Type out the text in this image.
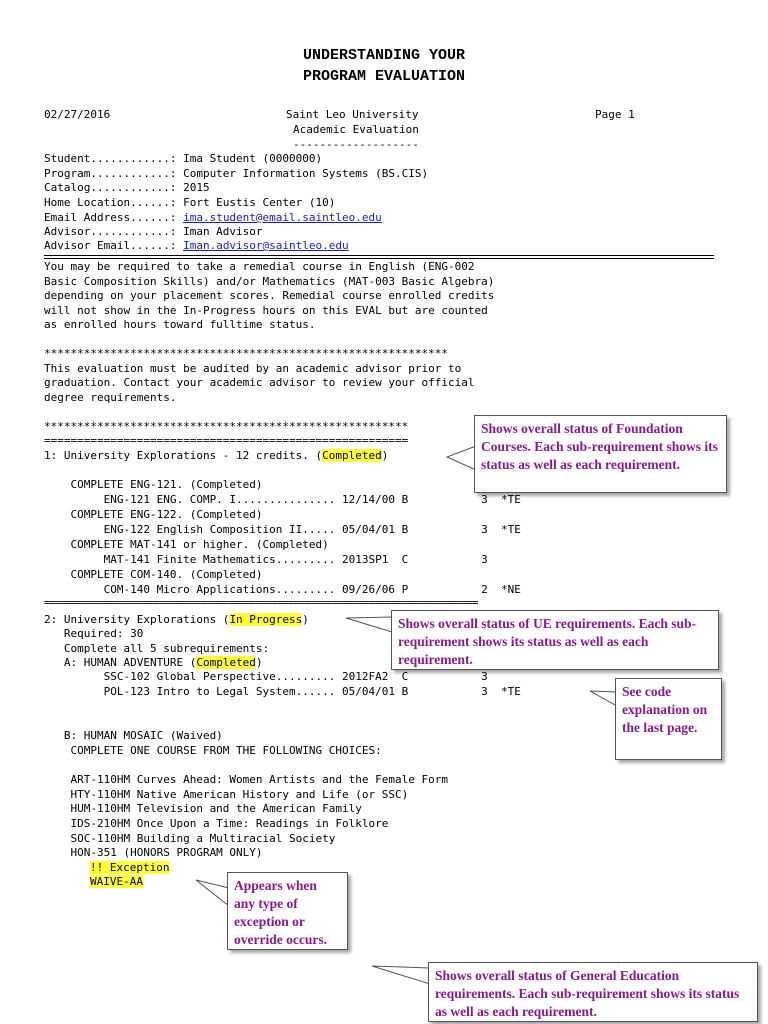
UNDERSTANDING YOUR
PROGRAM EVALUATION
02/27/2016	Saint Leo University	Page 1
Academic Evaluation
-------------------
Student............: Ima Student (0000000)
Program............: Computer Information Systems (BS.CIS)
Catalog............: 2015
Home Location......: Fort Eustis Center (10)
Email Address......: ima.student@email.saintleo.edu
Advisor............: Iman Advisor
Advisor Email......: Iman.advisor@saintleo.edu
You may be required to take a remedial course in English (ENG-002
Basic Composition Skills) and/or Mathematics (MAT-003 Basic Algebra)
depending on your placement scores. Remedial course enrolled credits
will not show in the In-Progress hours on this EVAL but are counted
as enrolled hours toward fulltime status.
*************************************************************
This evaluation must be audited by an academic advisor prior to
graduation. Contact your academic advisor to review your official
degree requirements.
*******************************************************
=======================================================
1: University Explorations - 12 credits. (Completed)
COMPLETE ENG-121. (Completed)
ENG-121 ENG. COMP. I............... 12/14/00 B           3  *TE
COMPLETE ENG-122. (Completed)
ENG-122 English Composition II..... 05/04/01 B           3  *TE
COMPLETE MAT-141 or higher. (Completed)
MAT-141 Finite Mathematics......... 2013SP1  C           3
COMPLETE COM-140. (Completed)
COM-140 Micro Applications......... 09/26/06 P           2  *NE
================================================================================
2: University Explorations (In Progress)
Required: 30
Complete all 5 subrequirements:
A: HUMAN ADVENTURE (Completed)
SSC-102 Global Perspective......... 2012FA2  C           3
POL-123 Intro to Legal System...... 05/04/01 B           3  *TE
B: HUMAN MOSAIC (Waived)
COMPLETE ONE COURSE FROM THE FOLLOWING CHOICES:
ART-110HM Curves Ahead: Women Artists and the Female Form
HTY-110HM Native American History and Life (or SSC)
HUM-110HM Television and the American Family
IDS-210HM Once Upon a Time: Readings in Folklore
SOC-110HM Building a Multiracial Society
HON-351 (HONORS PROGRAM ONLY)
!! Exception
WAIVE-AA
Shows overall status of Foundation Courses. Each sub-requirement shows its status as well as each requirement.
Shows overall status of UE requirements. Each sub-requirement shows its status as well as each requirement.
See code explanation on the last page.
Appears when any type of exception or override occurs.
Shows overall status of General Education requirements. Each sub-requirement shows its status as well as each requirement.
